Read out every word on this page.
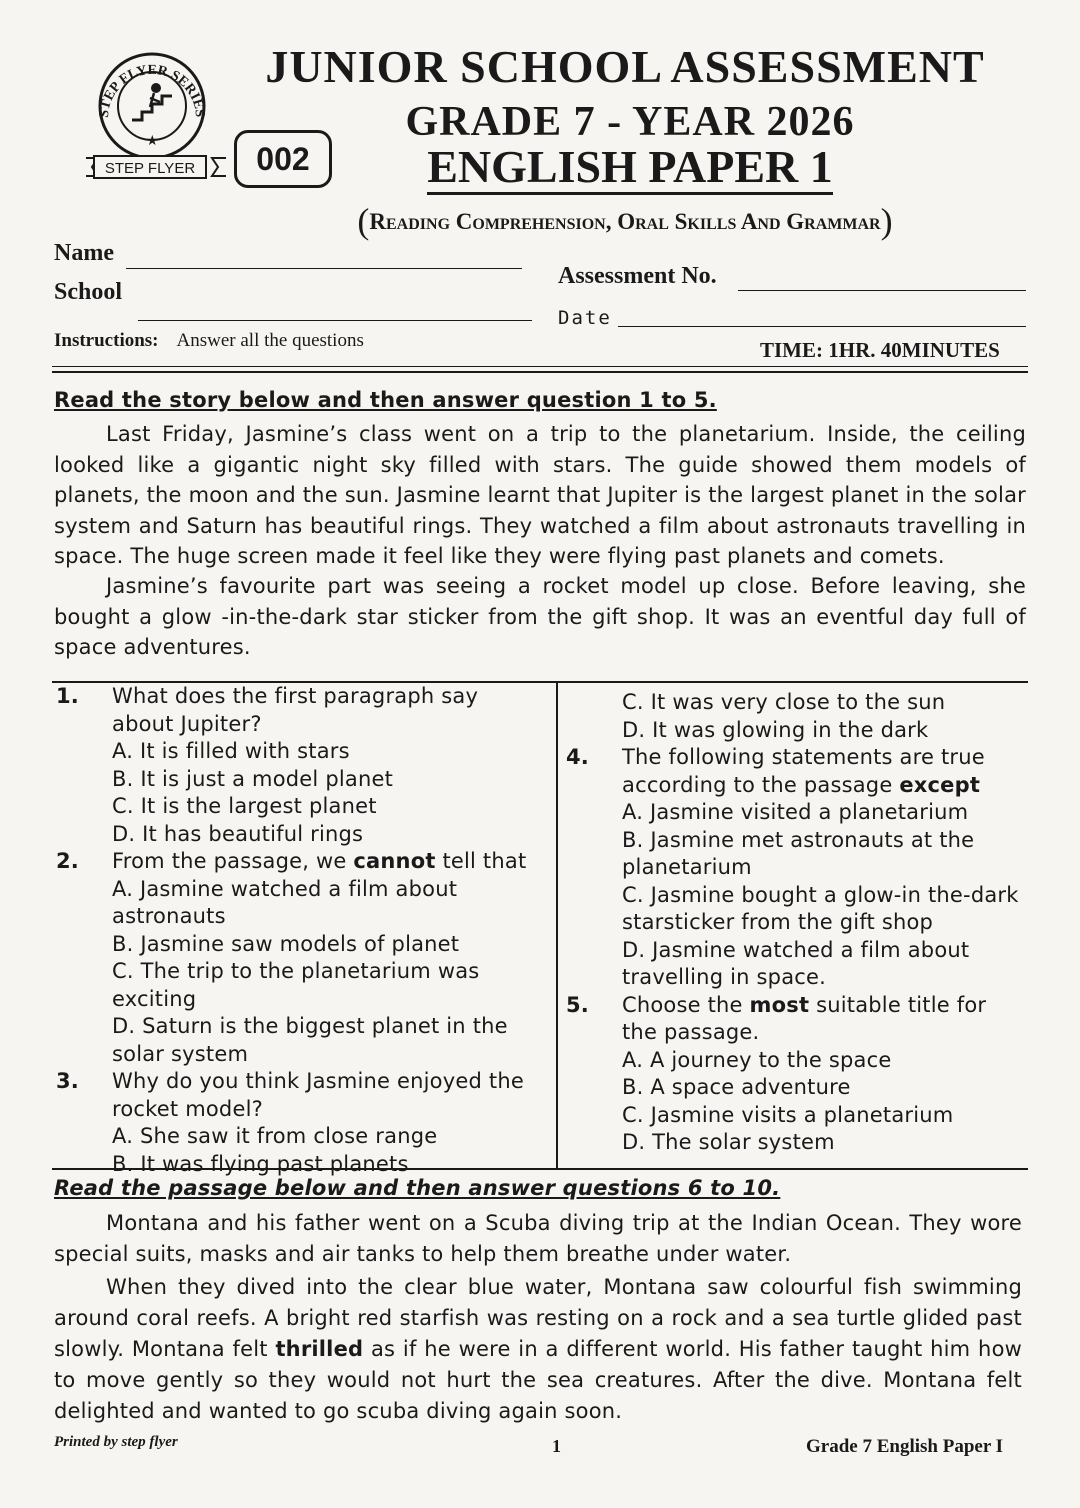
STEP FLYER SERIES
★
STEP FLYER	002
JUNIOR SCHOOL ASSESSMENT
GRADE 7 - YEAR 2026
ENGLISH PAPER 1
(Reading Comprehension, Oral Skills And Grammar)
Name
School
Assessment No.
Date
Instructions: Answer all the questions	TIME: 1HR. 40MINUTES
Read the story below and then answer question 1 to 5.
Last Friday, Jasmine’s class went on a trip to the planetarium. Inside, the ceiling looked like a gigantic night sky filled with stars. The guide showed them models of planets, the moon and the sun. Jasmine learnt that Jupiter is the largest planet in the solar system and Saturn has beautiful rings. They watched a film about astronauts travelling in space. The huge screen made it feel like they were flying past planets and comets.
Jasmine’s favourite part was seeing a rocket model up close. Before leaving, she bought a glow -in-the-dark star sticker from the gift shop. It was an eventful day full of space adventures.
1. What does the first paragraph say about Jupiter?
A. It is filled with stars
B. It is just a model planet
C. It is the largest planet
D. It has beautiful rings
2. From the passage, we cannot tell that
A. Jasmine watched a film about astronauts
B. Jasmine saw models of planet
C. The trip to the planetarium was exciting
D. Saturn is the biggest planet in the solar system
3. Why do you think Jasmine enjoyed the rocket model?
A. She saw it from close range
B. It was flying past planets
C. It was very close to the sun
D. It was glowing in the dark
4. The following statements are true according to the passage except
A. Jasmine visited a planetarium
B. Jasmine met astronauts at the planetarium
C. Jasmine bought a glow-in the-dark starsticker from the gift shop
D. Jasmine watched a film about travelling in space.
5. Choose the most suitable title for the passage.
A. A journey to the space
B. A space adventure
C. Jasmine visits a planetarium
D. The solar system
Read the passage below and then answer questions 6 to 10.
Montana and his father went on a Scuba diving trip at the Indian Ocean. They wore special suits, masks and air tanks to help them breathe under water.
When they dived into the clear blue water, Montana saw colourful fish swimming around coral reefs. A bright red starfish was resting on a rock and a sea turtle glided past slowly. Montana felt thrilled as if he were in a different world. His father taught him how to move gently so they would not hurt the sea creatures. After the dive. Montana felt delighted and wanted to go scuba diving again soon.
Printed by step flyer	1	Grade 7 English Paper I
